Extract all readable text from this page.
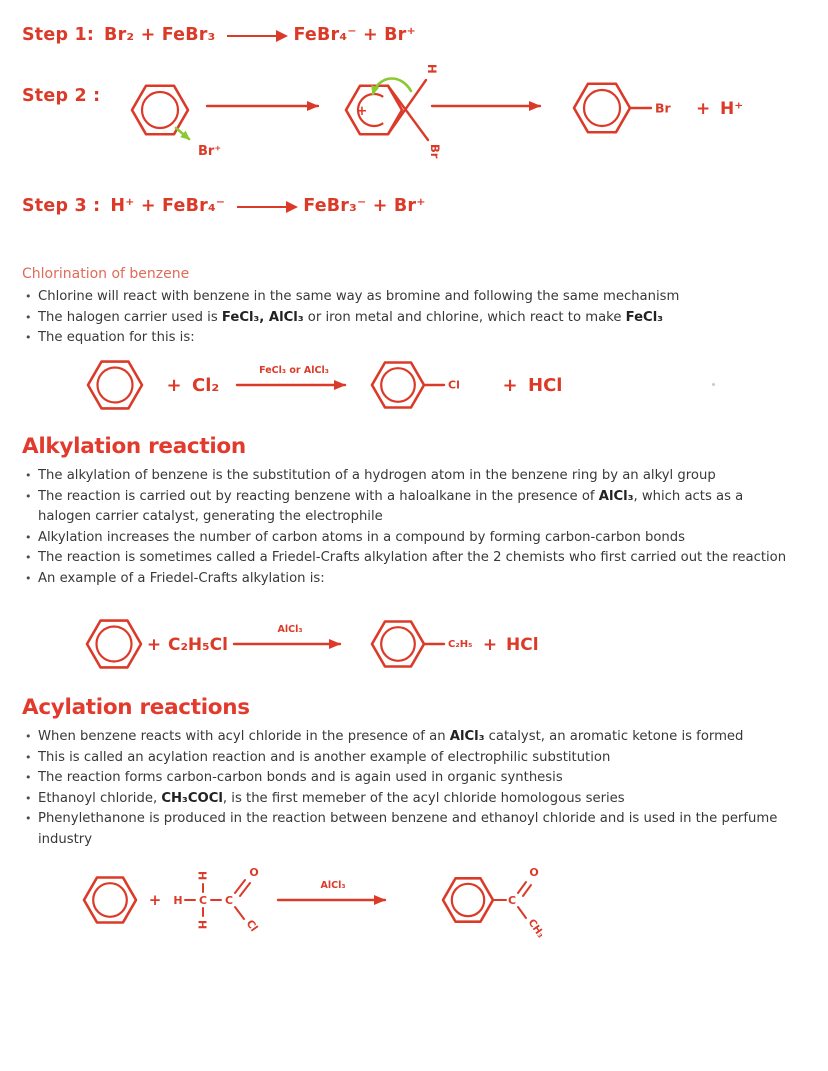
Step 1: Br₂ + FeBr₃ → FeBr₄⁻ + Br⁺
Step 2 :
Br⁺
+
H
Br
Br + H⁺
Step 3 : H⁺ + FeBr₄⁻ → FeBr₃⁻ + Br⁺
Chlorination of benzene
• Chlorine will react with benzene in the same way as bromine and following the same mechanism
• The halogen carrier used is FeCl₃, AlCl₃ or iron metal and chlorine, which react to make FeCl₃
• The equation for this is:
+ Cl₂
FeCl₃ or AlCl₃
Cl + HCl
Alkylation reaction
• The alkylation of benzene is the substitution of a hydrogen atom in the benzene ring by an alkyl group
• The reaction is carried out by reacting benzene with a haloalkane in the presence of AlCl₃, which acts as a halogen carrier catalyst, generating the electrophile
• Alkylation increases the number of carbon atoms in a compound by forming carbon-carbon bonds
• The reaction is sometimes called a Friedel-Crafts alkylation after the 2 chemists who first carried out the reaction
• An example of a Friedel-Crafts alkylation is:
+ C₂H₅Cl
AlCl₃
C₂H₅ + HCl
Acylation reactions
• When benzene reacts with acyl chloride in the presence of an AlCl₃ catalyst, an aromatic ketone is formed
• This is called an acylation reaction and is another example of electrophilic substitution
• The reaction forms carbon-carbon bonds and is again used in organic synthesis
• Ethanoyl chloride, CH₃COCl, is the first memeber of the acyl chloride homologous series
• Phenylethanone is produced in the reaction between benzene and ethanoyl chloride and is used in the perfume industry
+ H C
H
H
C
O
Cl
AlCl₃
C
O
CH₃
